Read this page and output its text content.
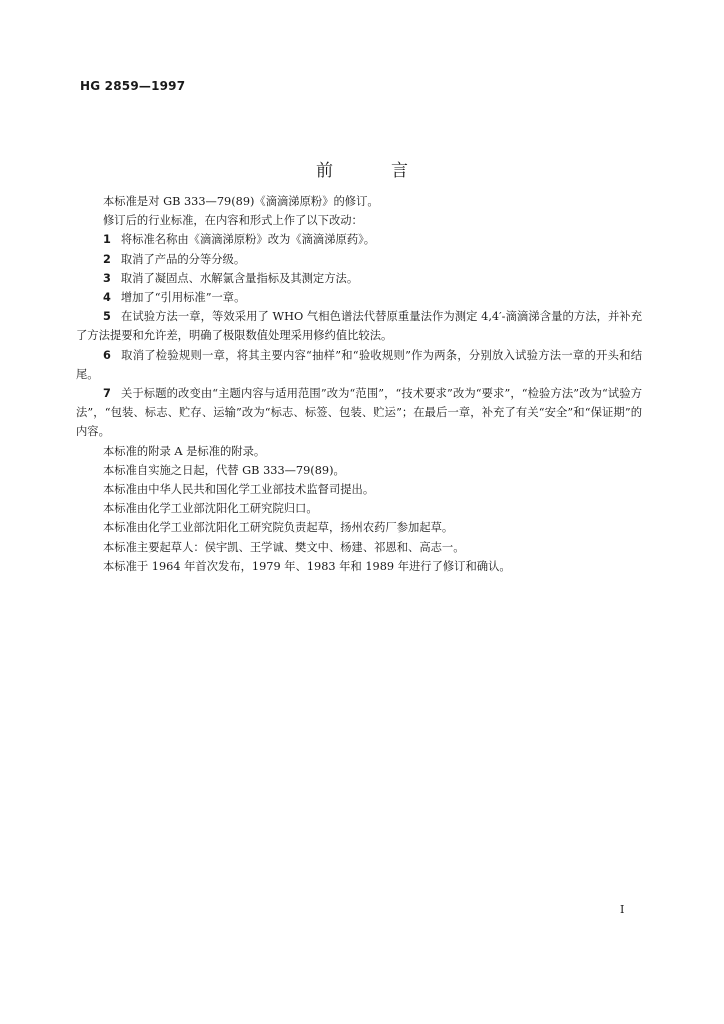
HG 2859—1997
前	言

本标准是对 GB 333—79(89)《滴滴涕原粉》的修订。

修订后的行业标准，在内容和形式上作了以下改动：

1 将标准名称由《滴滴涕原粉》改为《滴滴涕原药》。

2 取消了产品的分等分级。

3 取消了凝固点、水解氯含量指标及其测定方法。

4 增加了“引用标准”一章。

5 在试验方法一章，等效采用了 WHO 气相色谱法代替原重量法作为测定 4,4′-滴滴涕含量的方法，并补充了方法提要和允许差，明确了极限数值处理采用修约值比较法。

6 取消了检验规则一章，将其主要内容“抽样”和“验收规则”作为两条，分别放入试验方法一章的开头和结尾。

7 关于标题的改变由“主题内容与适用范围”改为“范围”，“技术要求”改为“要求”，“检验方法”改为“试验方法”，“包装、标志、贮存、运输”改为“标志、标签、包装、贮运”；在最后一章，补充了有关“安全”和“保证期”的内容。

本标准的附录 A 是标准的附录。

本标准自实施之日起，代替 GB 333—79(89)。

本标准由中华人民共和国化学工业部技术监督司提出。

本标准由化学工业部沈阳化工研究院归口。

本标准由化学工业部沈阳化工研究院负责起草，扬州农药厂参加起草。

本标准主要起草人：侯宇凯、王学诚、樊文中、杨建、祁恩和、高志一。

本标准于 1964 年首次发布，1979 年、1983 年和 1989 年进行了修订和确认。

I
